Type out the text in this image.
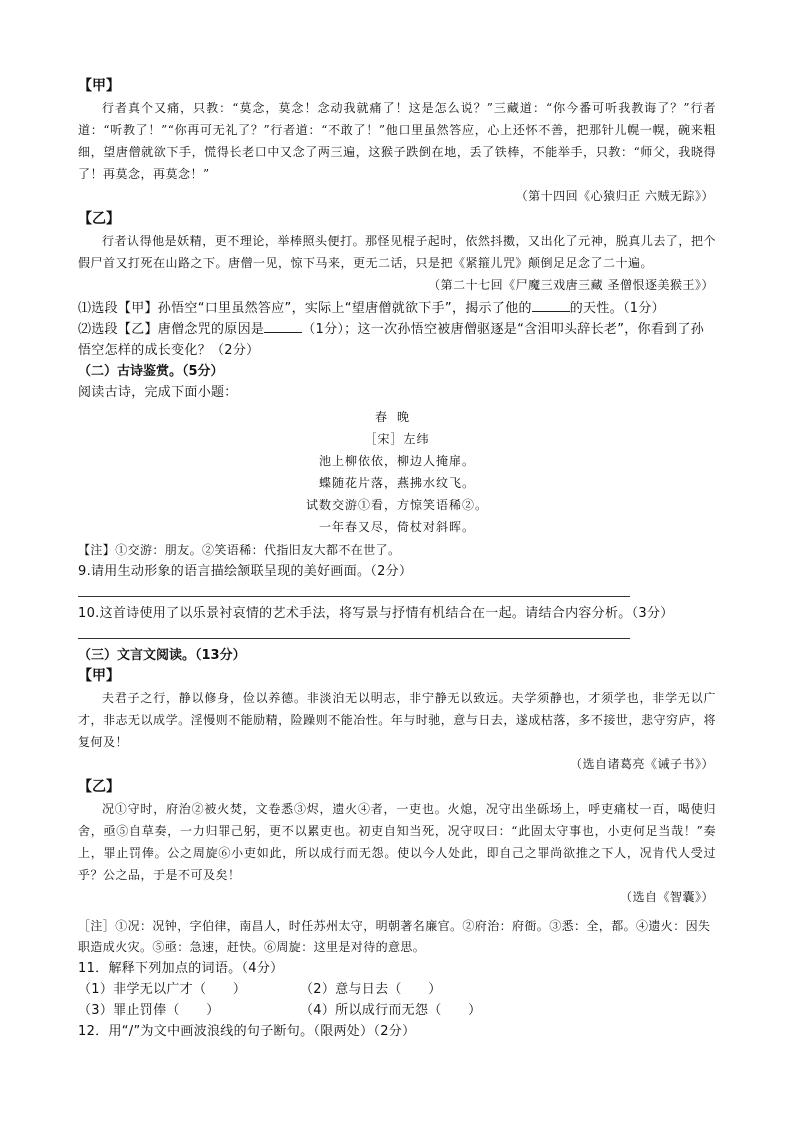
【甲】

行者真个又痛，只教：“莫念，莫念！念动我就痛了！这是怎么说？”三藏道：“你今番可听我教诲了？”行者道：“听教了！”“你再可无礼了？”行者道：“不敢了！”他口里虽然答应，心上还怀不善，把那针儿幌一幌，碗来粗细，望唐僧就欲下手，慌得长老口中又念了两三遍，这猴子跌倒在地，丢了铁棒，不能举手，只教：“师父，我晓得了！再莫念，再莫念！”

（第十四回《心猿归正 六贼无踪》）
【乙】

行者认得他是妖精，更不理论，举棒照头便打。那怪见棍子起时，依然抖擞，又出化了元神，脱真儿去了，把个假尸首又打死在山路之下。唐僧一见，惊下马来，更无二话，只是把《紧箍儿咒》颠倒足足念了二十遍。

（第二十七回《尸魔三戏唐三藏 圣僧恨逐美猴王》）

⑴选段【甲】孙悟空“口里虽然答应”，实际上“望唐僧就欲下手”，揭示了他的	的天性。（1分）

⑵选段【乙】唐僧念咒的原因是	（1分）；这一次孙悟空被唐僧驱逐是“含泪叩头辞长老”，你看到了孙悟空怎样的成长变化？（2分）

（二）古诗鉴赏。（5分）

阅读古诗，完成下面小题：

春晚
［宋］左纬
池上柳依依，柳边人掩扉。
蝶随花片落，燕拂水纹飞。
试数交游①看，方惊笑语稀②。
一年春又尽，倚杖对斜晖。

【注】①交游：朋友。②笑语稀：代指旧友大都不在世了。

9.请用生动形象的语言描绘颔联呈现的美好画面。（2分）

10.这首诗使用了以乐景衬哀情的艺术手法，将写景与抒情有机结合在一起。请结合内容分析。（3分）

（三）文言文阅读。（13分）

【甲】

夫君子之行，静以修身，俭以养德。非淡泊无以明志，非宁静无以致远。夫学须静也，才须学也，非学无以广才，非志无以成学。淫慢则不能励精，险躁则不能冶性。年与时驰，意与日去，遂成枯落，多不接世，悲守穷庐，将复何及！

（选自诸葛亮《诫子书》）
【乙】

况①守时，府治②被火焚，文卷悉③烬，遗火④者，一吏也。火熄，况守出坐砾场上，呼吏痛杖一百，喝使归舍，亟⑤自草奏，一力归罪己躬，更不以累吏也。初吏自知当死，况守叹曰：“此固太守事也，小吏何足当哉！”奏上，罪止罚俸。公之周旋⑥小吏如此，所以成行而无怨。使以今人处此，即自己之罪尚欲推之下人，况肯代人受过乎？公之品，于是不可及矣！

（选自《智囊》）

［注］①况：况钟，字伯律，南昌人，时任苏州太守，明朝著名廉官。②府治：府衙。③悉：全，都。④遗火：因失职造成火灾。⑤亟：急速，赶快。⑥周旋：这里是对待的意思。

11．解释下列加点的词语。（4分）

（1）非学无以广才（　　）	（2）意与日去（　　）
（3）罪止罚俸（　　）	（4）所以成行而无怨（　　）

12．用“/”为文中画波浪线的句子断句。（限两处）（2分）
